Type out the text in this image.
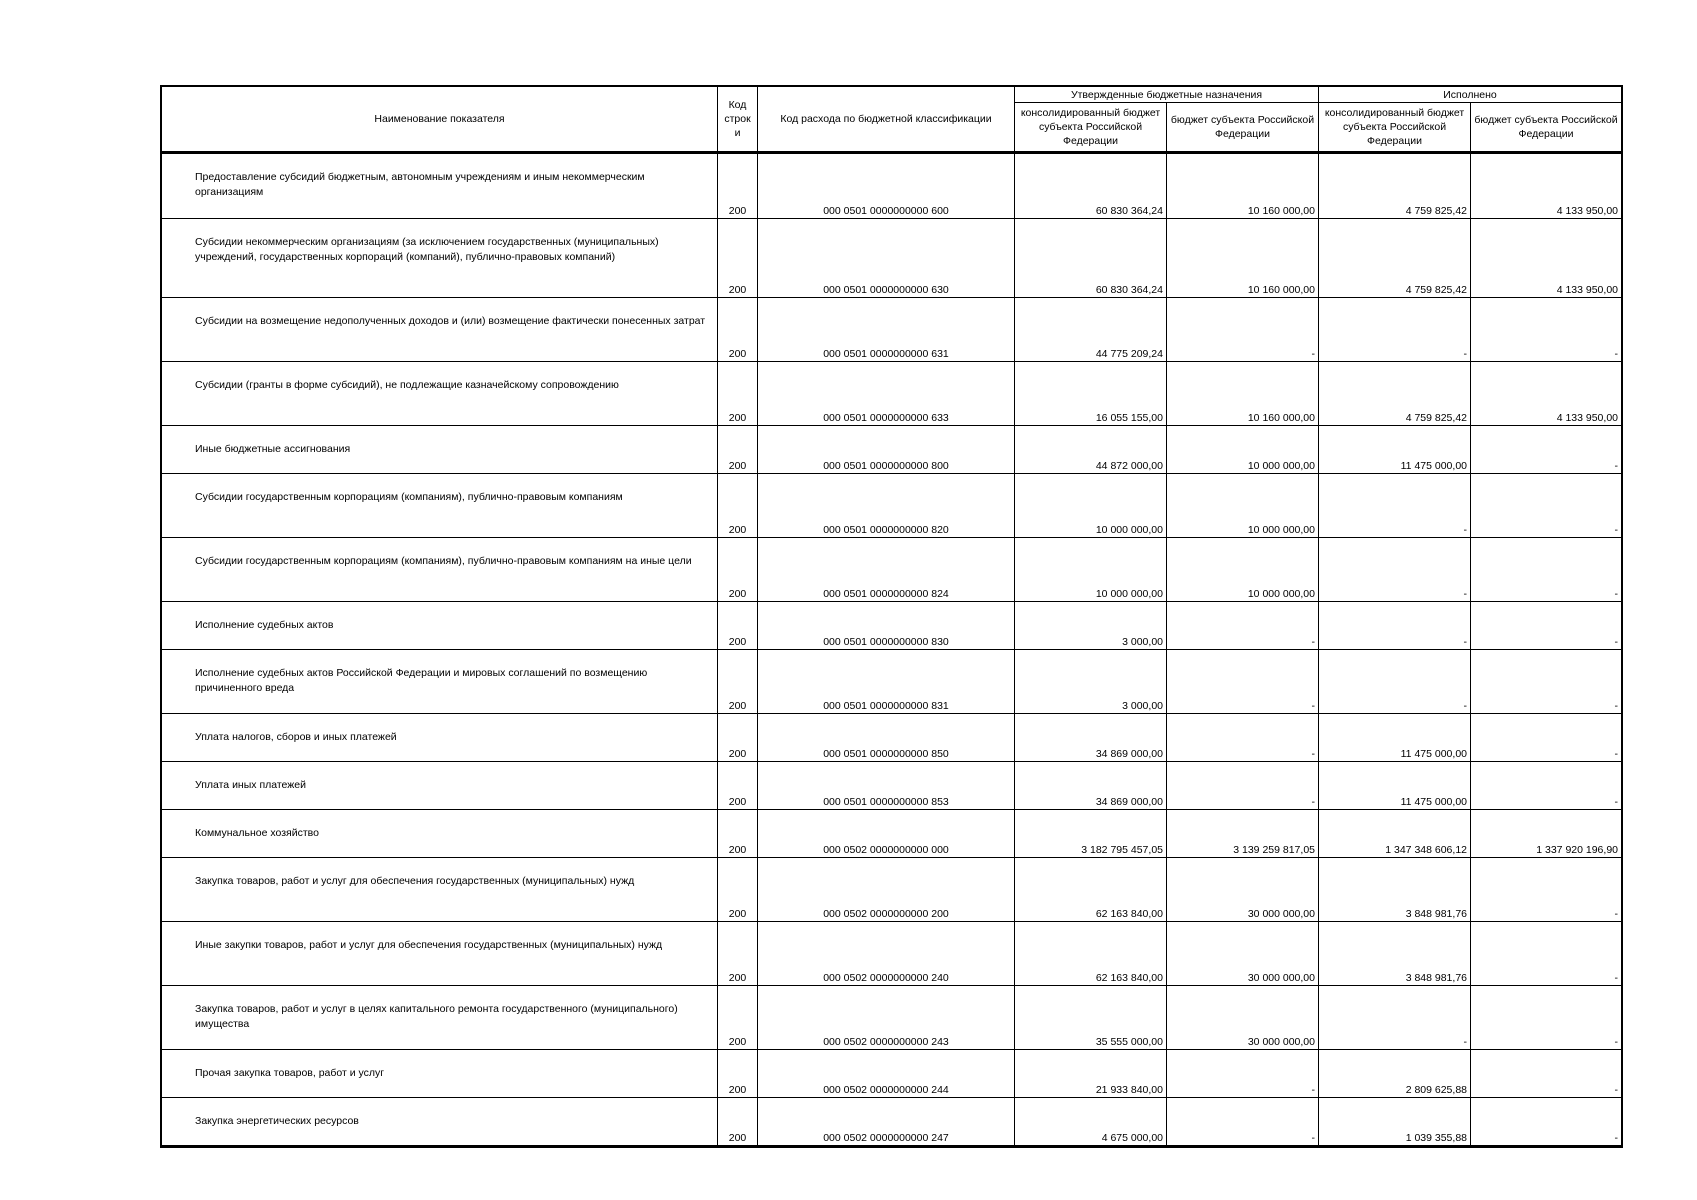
Наименование показателя	Код строк и	Код расхода по бюджетной классификации	Утвержденные бюджетные назначения		Исполнено	
			консолидированный бюджет субъекта Российской Федерации	бюджет субъекта Российской Федерации	консолидированный бюджет субъекта Российской Федерации	бюджет субъекта Российской Федерации
Предоставление субсидий бюджетным, автономным учреждениям и иным некоммерческим организациям	200	000 0501 0000000000 600	60 830 364,24	10 160 000,00	4 759 825,42	4 133 950,00
Субсидии некоммерческим организациям (за исключением государственных (муниципальных) учреждений, государственных корпораций (компаний), публично-правовых компаний)	200	000 0501 0000000000 630	60 830 364,24	10 160 000,00	4 759 825,42	4 133 950,00
Субсидии на возмещение недополученных доходов и (или) возмещение фактически понесенных затрат	200	000 0501 0000000000 631	44 775 209,24	-	-	-
Субсидии (гранты в форме субсидий), не подлежащие казначейскому сопровождению	200	000 0501 0000000000 633	16 055 155,00	10 160 000,00	4 759 825,42	4 133 950,00
Иные бюджетные ассигнования	200	000 0501 0000000000 800	44 872 000,00	10 000 000,00	11 475 000,00	-
Субсидии государственным корпорациям (компаниям), публично-правовым компаниям	200	000 0501 0000000000 820	10 000 000,00	10 000 000,00	-	-
Субсидии государственным корпорациям (компаниям), публично-правовым компаниям на иные цели	200	000 0501 0000000000 824	10 000 000,00	10 000 000,00	-	-
Исполнение судебных актов	200	000 0501 0000000000 830	3 000,00	-	-	-
Исполнение судебных актов Российской Федерации и мировых соглашений по возмещению причиненного вреда	200	000 0501 0000000000 831	3 000,00	-	-	-
Уплата налогов, сборов и иных платежей	200	000 0501 0000000000 850	34 869 000,00	-	11 475 000,00	-
Уплата иных платежей	200	000 0501 0000000000 853	34 869 000,00	-	11 475 000,00	-
Коммунальное хозяйство	200	000 0502 0000000000 000	3 182 795 457,05	3 139 259 817,05	1 347 348 606,12	1 337 920 196,90
Закупка товаров, работ и услуг для обеспечения государственных (муниципальных) нужд	200	000 0502 0000000000 200	62 163 840,00	30 000 000,00	3 848 981,76	-
Иные закупки товаров, работ и услуг для обеспечения государственных (муниципальных) нужд	200	000 0502 0000000000 240	62 163 840,00	30 000 000,00	3 848 981,76	-
Закупка товаров, работ и услуг в целях капитального ремонта государственного (муниципального) имущества	200	000 0502 0000000000 243	35 555 000,00	30 000 000,00	-	-
Прочая закупка товаров, работ и услуг	200	000 0502 0000000000 244	21 933 840,00	-	2 809 625,88	-
Закупка энергетических ресурсов	200	000 0502 0000000000 247	4 675 000,00	-	1 039 355,88	-
